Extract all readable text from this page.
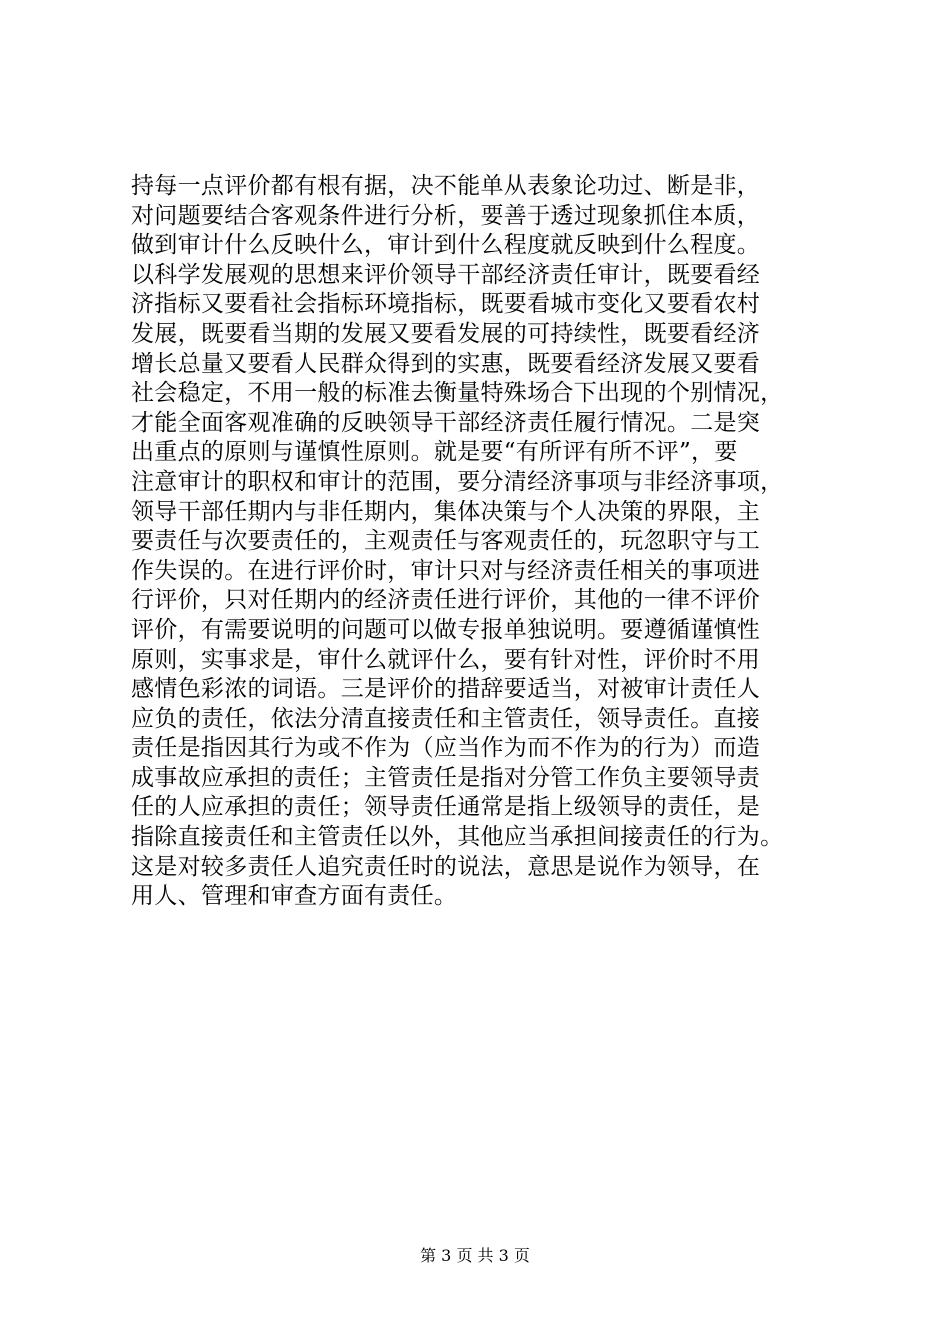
持每一点评价都有根有据，决不能单从表象论功过、断是非，
对问题要结合客观条件进行分析，要善于透过现象抓住本质，
做到审计什么反映什么，审计到什么程度就反映到什么程度。
以科学发展观的思想来评价领导干部经济责任审计，既要看经
济指标又要看社会指标环境指标，既要看城市变化又要看农村
发展，既要看当期的发展又要看发展的可持续性，既要看经济
增长总量又要看人民群众得到的实惠，既要看经济发展又要看
社会稳定，不用一般的标准去衡量特殊场合下出现的个别情况，
才能全面客观准确的反映领导干部经济责任履行情况。二是突
出重点的原则与谨慎性原则。就是要“有所评有所不评”，要
注意审计的职权和审计的范围，要分清经济事项与非经济事项，
领导干部任期内与非任期内，集体决策与个人决策的界限，主
要责任与次要责任的，主观责任与客观责任的，玩忽职守与工
作失误的。在进行评价时，审计只对与经济责任相关的事项进
行评价，只对任期内的经济责任进行评价，其他的一律不评价
评价，有需要说明的问题可以做专报单独说明。要遵循谨慎性
原则，实事求是，审什么就评什么，要有针对性，评价时不用
感情色彩浓的词语。三是评价的措辞要适当，对被审计责任人
应负的责任，依法分清直接责任和主管责任，领导责任。直接
责任是指因其行为或不作为（应当作为而不作为的行为）而造
成事故应承担的责任；主管责任是指对分管工作负主要领导责
任的人应承担的责任；领导责任通常是指上级领导的责任，是
指除直接责任和主管责任以外，其他应当承担间接责任的行为。
这是对较多责任人追究责任时的说法，意思是说作为领导，在
用人、管理和审查方面有责任。
第 3 页 共 3 页
